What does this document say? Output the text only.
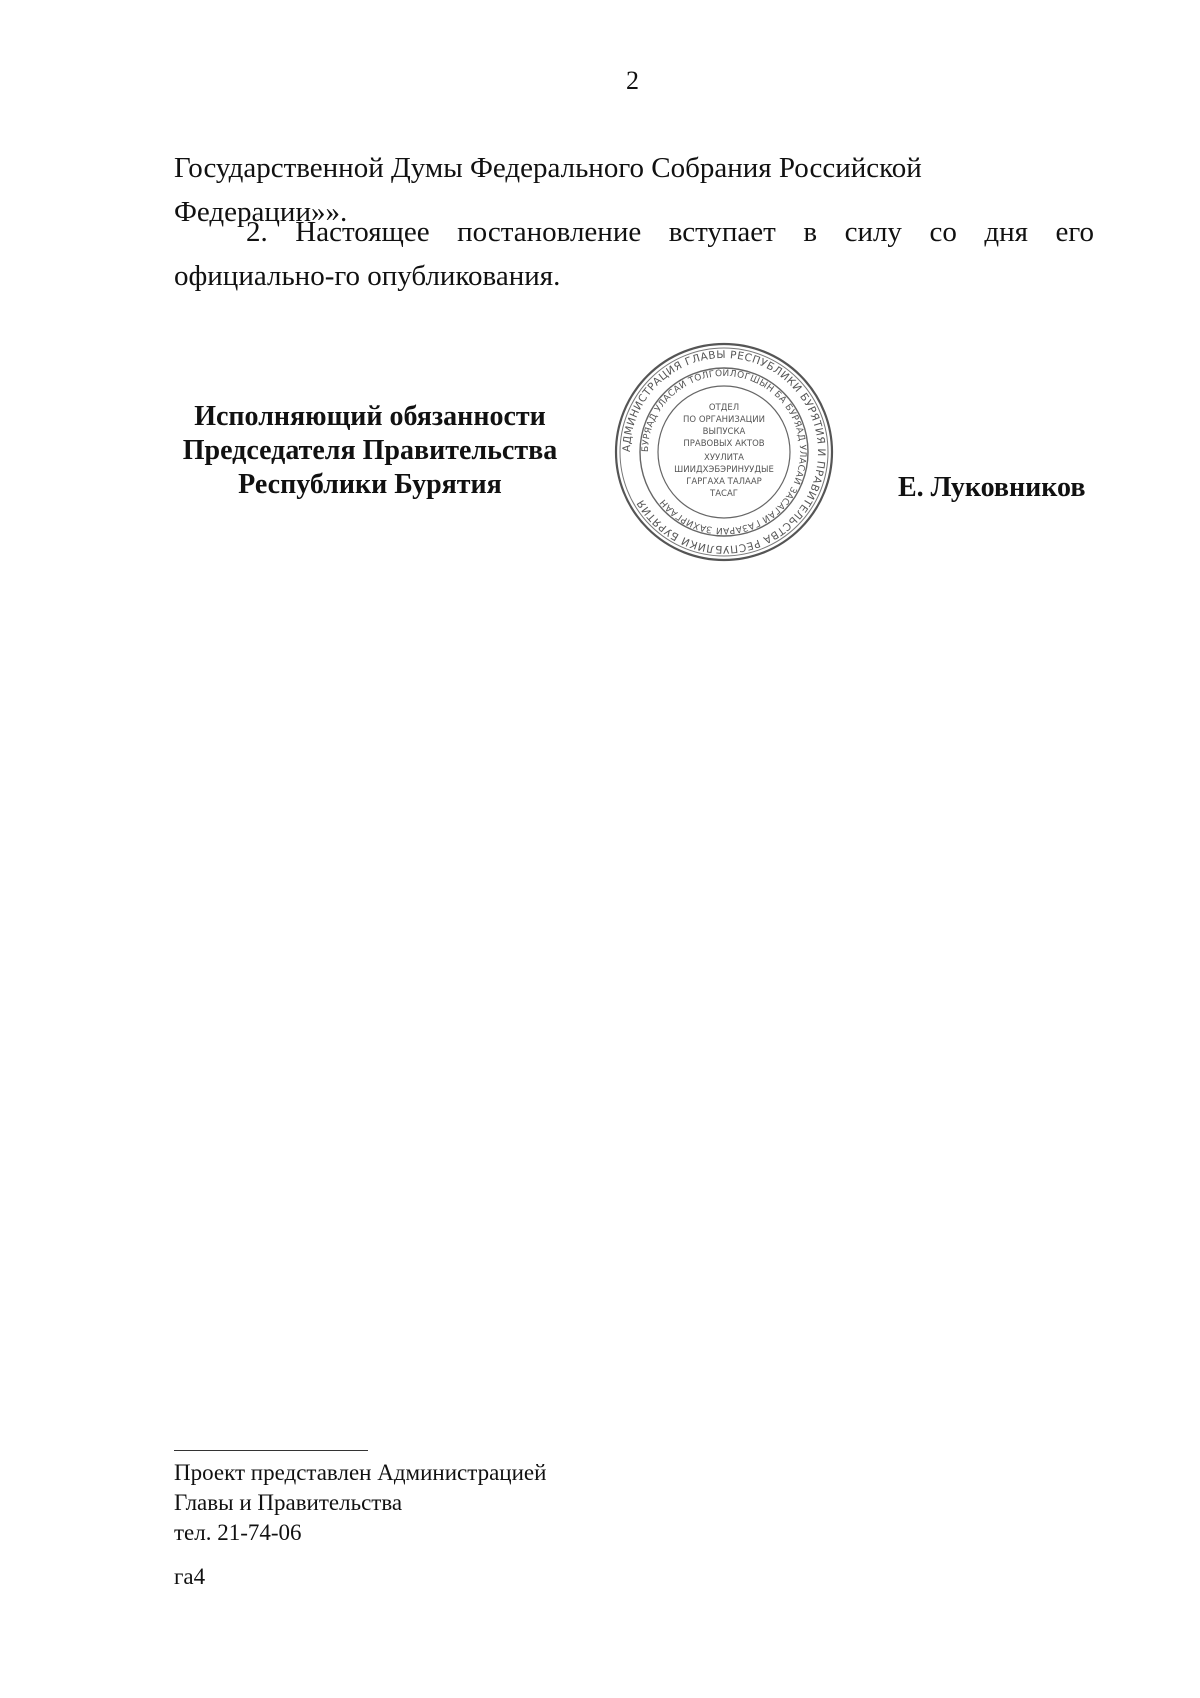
2

Государственной Думы Федерального Собрания Российской Федерации»».

2. Настоящее постановление вступает в силу со дня его официально-го опубликования.

Исполняющий обязанности
Председателя Правительства
Республики Бурятия
АДМИНИСТРАЦИЯ ГЛАВЫ РЕСПУБЛИКИ БУРЯТИЯ И ПРАВИТЕЛЬСТВА РЕСПУБЛИКИ БУРЯТИЯ
БУРЯАД УЛАСАЙ ТОЛГОЙЛОГШЫН БА БУРЯАД УЛАСАЙ ЗАСАГАЙ ГАЗАРАЙ ЗАХИРГААН
ОТДЕЛ
ПО ОРГАНИЗАЦИИ
ВЫПУСКА
ПРАВОВЫХ АКТОВ
ХУУЛИТА
ШИИДХЭБЭРИНУУДЫЕ
ГАРГАХА ТАЛААР
ТАСАГ	Е. Луковников
Проект представлен Администрацией
Главы и Правительства
тел. 21-74-06
га4
